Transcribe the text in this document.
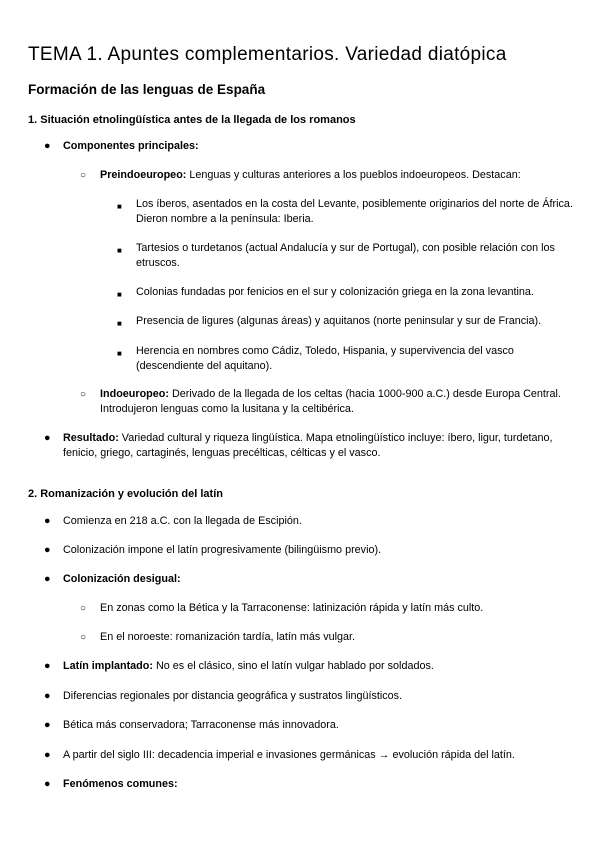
TEMA 1. Apuntes complementarios. Variedad diatópica
Formación de las lenguas de España
1. Situación etnolingüística antes de la llegada de los romanos
● Componentes principales:
○ Preindoeuropeo: Lenguas y culturas anteriores a los pueblos indoeuropeos. Destacan:
■ Los íberos, asentados en la costa del Levante, posiblemente originarios del norte de África. Dieron nombre a la península: Iberia.
■ Tartesios o turdetanos (actual Andalucía y sur de Portugal), con posible relación con los etruscos.
■ Colonias fundadas por fenicios en el sur y colonización griega en la zona levantina.
■ Presencia de ligures (algunas áreas) y aquitanos (norte peninsular y sur de Francia).
■ Herencia en nombres como Cádiz, Toledo, Hispania, y supervivencia del vasco (descendiente del aquitano).
○ Indoeuropeo: Derivado de la llegada de los celtas (hacia 1000-900 a.C.) desde Europa Central. Introdujeron lenguas como la lusitana y la celtibérica.
● Resultado: Variedad cultural y riqueza lingüística. Mapa etnolingüístico incluye: íbero, ligur, turdetano, fenicio, griego, cartaginés, lenguas precélticas, célticas y el vasco.
2. Romanización y evolución del latín
● Comienza en 218 a.C. con la llegada de Escipión.
● Colonización impone el latín progresivamente (bilingüismo previo).
● Colonización desigual:
○ En zonas como la Bética y la Tarraconense: latinización rápida y latín más culto.
○ En el noroeste: romanización tardía, latín más vulgar.
● Latín implantado: No es el clásico, sino el latín vulgar hablado por soldados.
● Diferencias regionales por distancia geográfica y sustratos lingüísticos.
● Bética más conservadora; Tarraconense más innovadora.
● A partir del siglo III: decadencia imperial e invasiones germánicas → evolución rápida del latín.
● Fenómenos comunes:
